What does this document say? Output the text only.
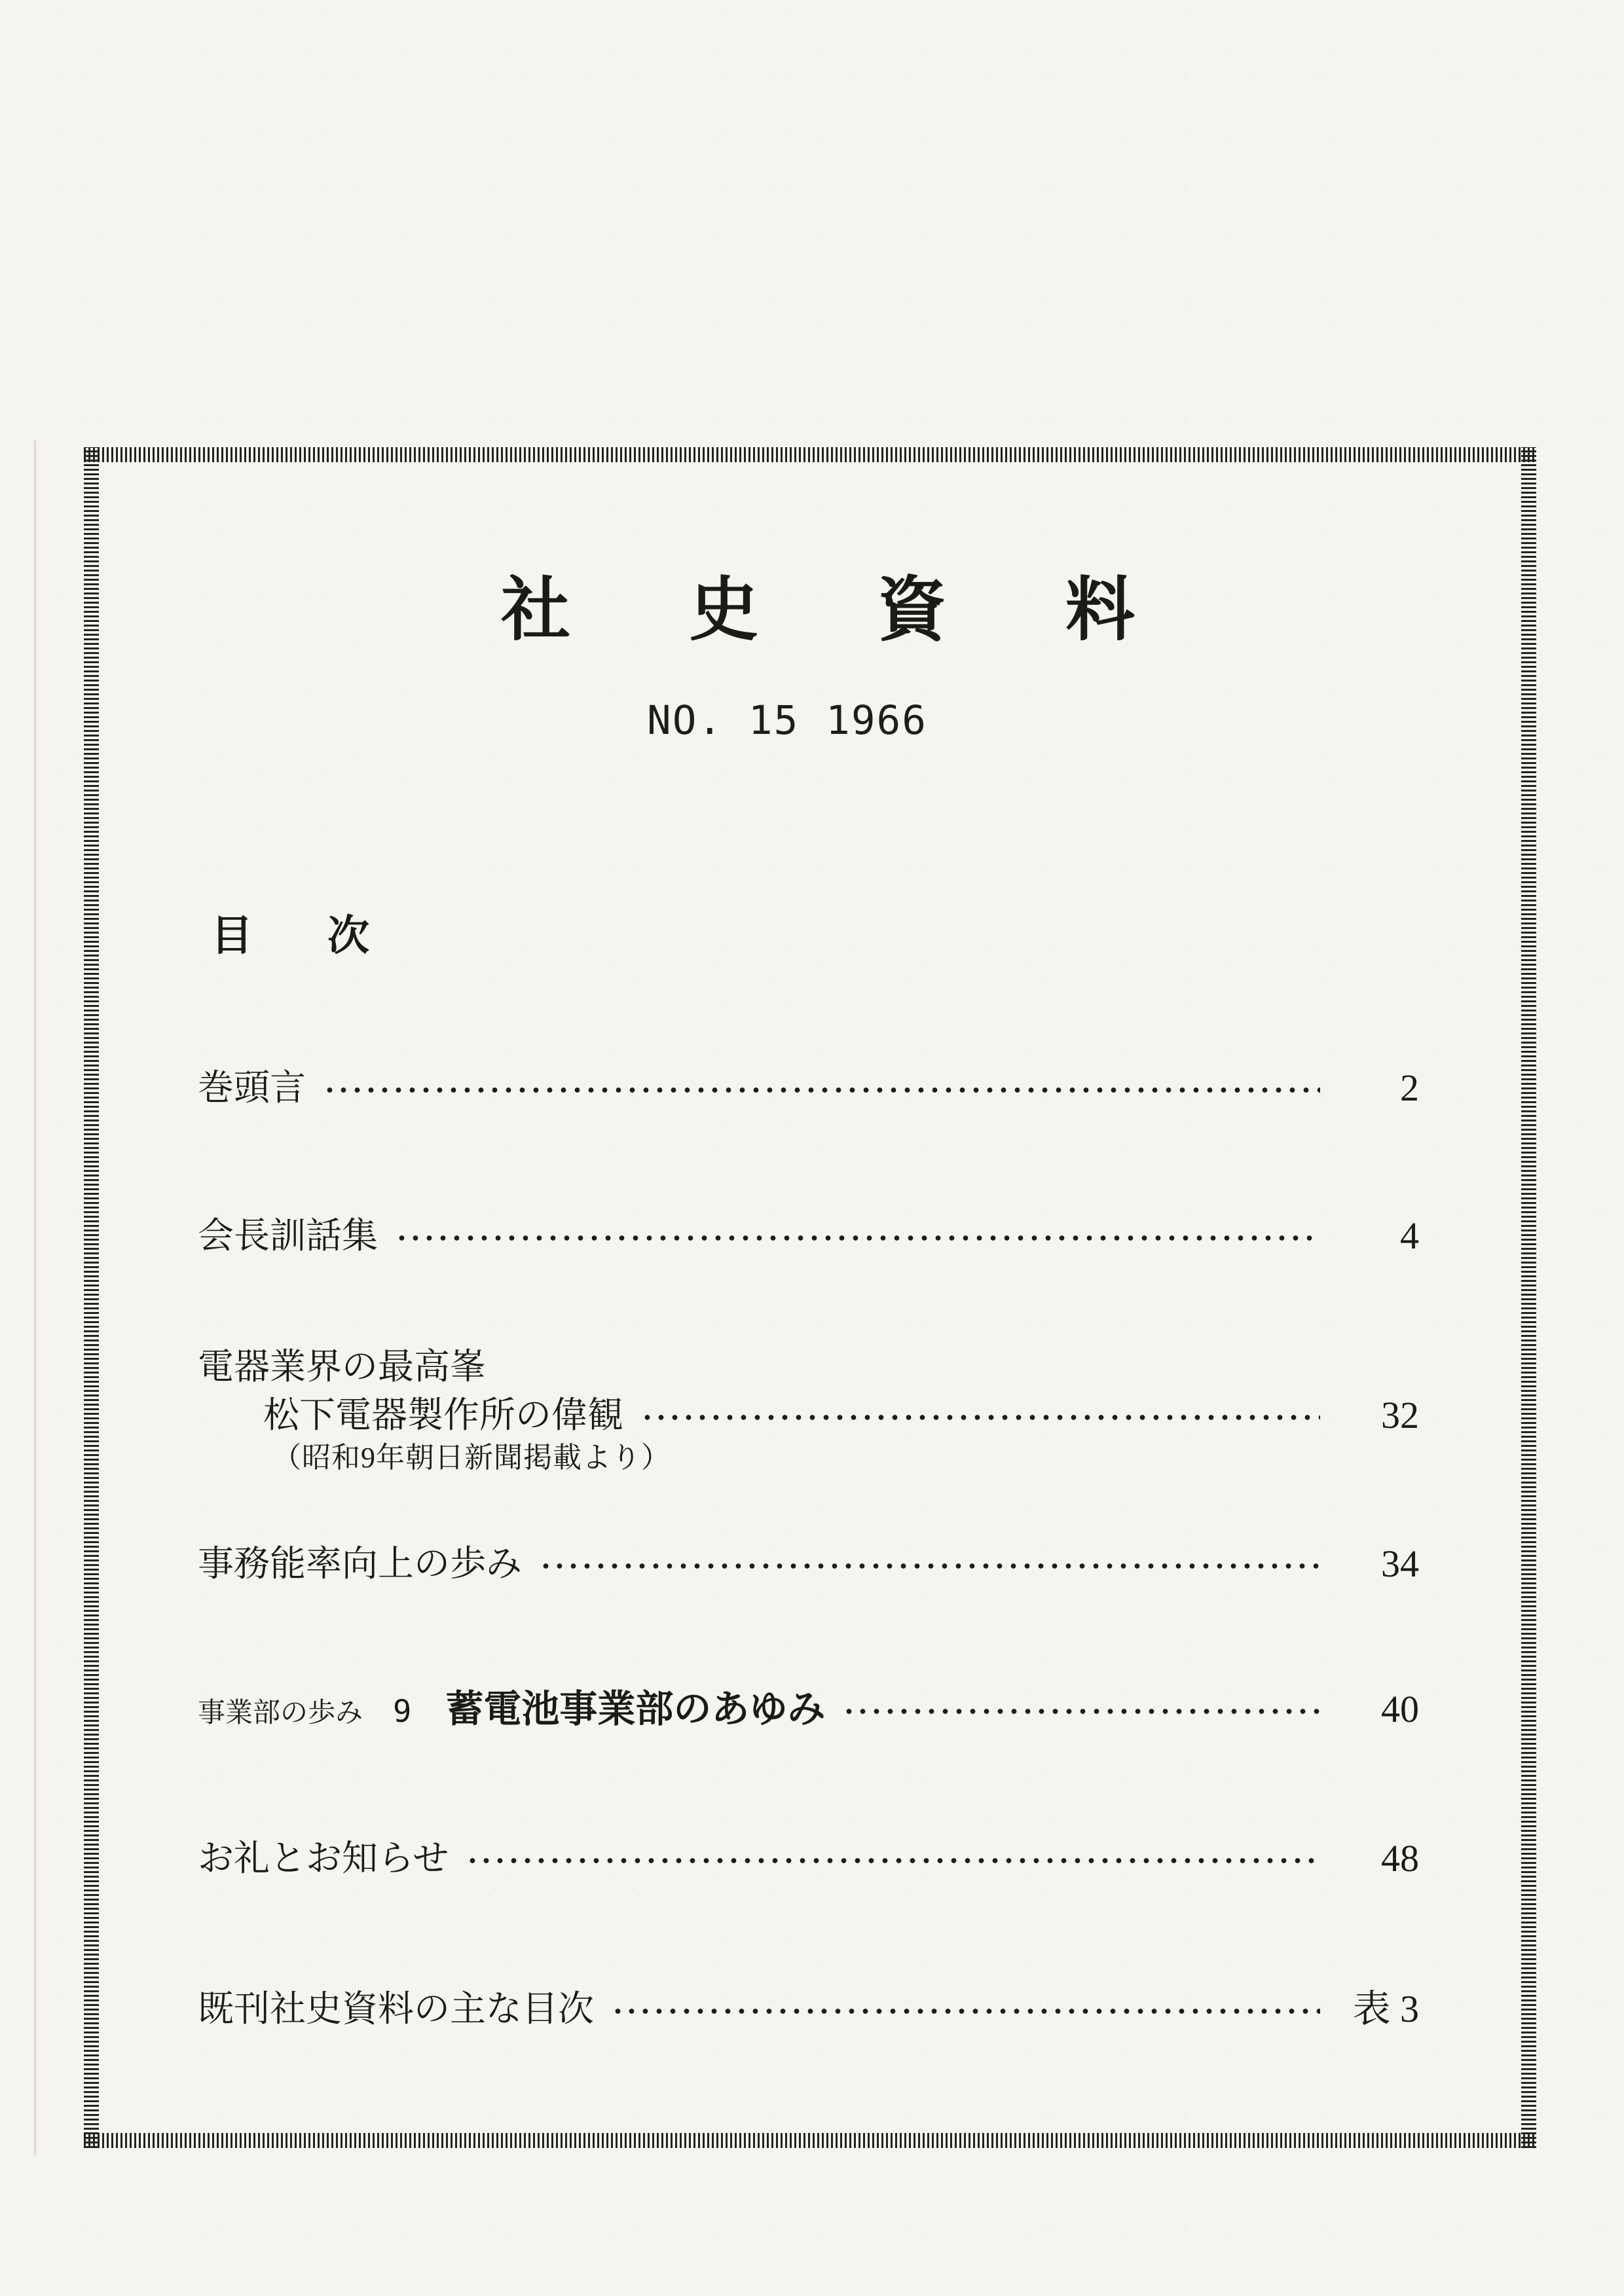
社 史 資 料
NO. 15 1966
目 次
巻頭言	2
会長訓話集	4
電器業界の最高峯
松下電器製作所の偉観	32
（昭和9年朝日新聞掲載より）
事務能率向上の歩み	34
事業部の歩み 9 蓄電池事業部のあゆみ	40
お礼とお知らせ	48
既刊社史資料の主な目次	表 3
